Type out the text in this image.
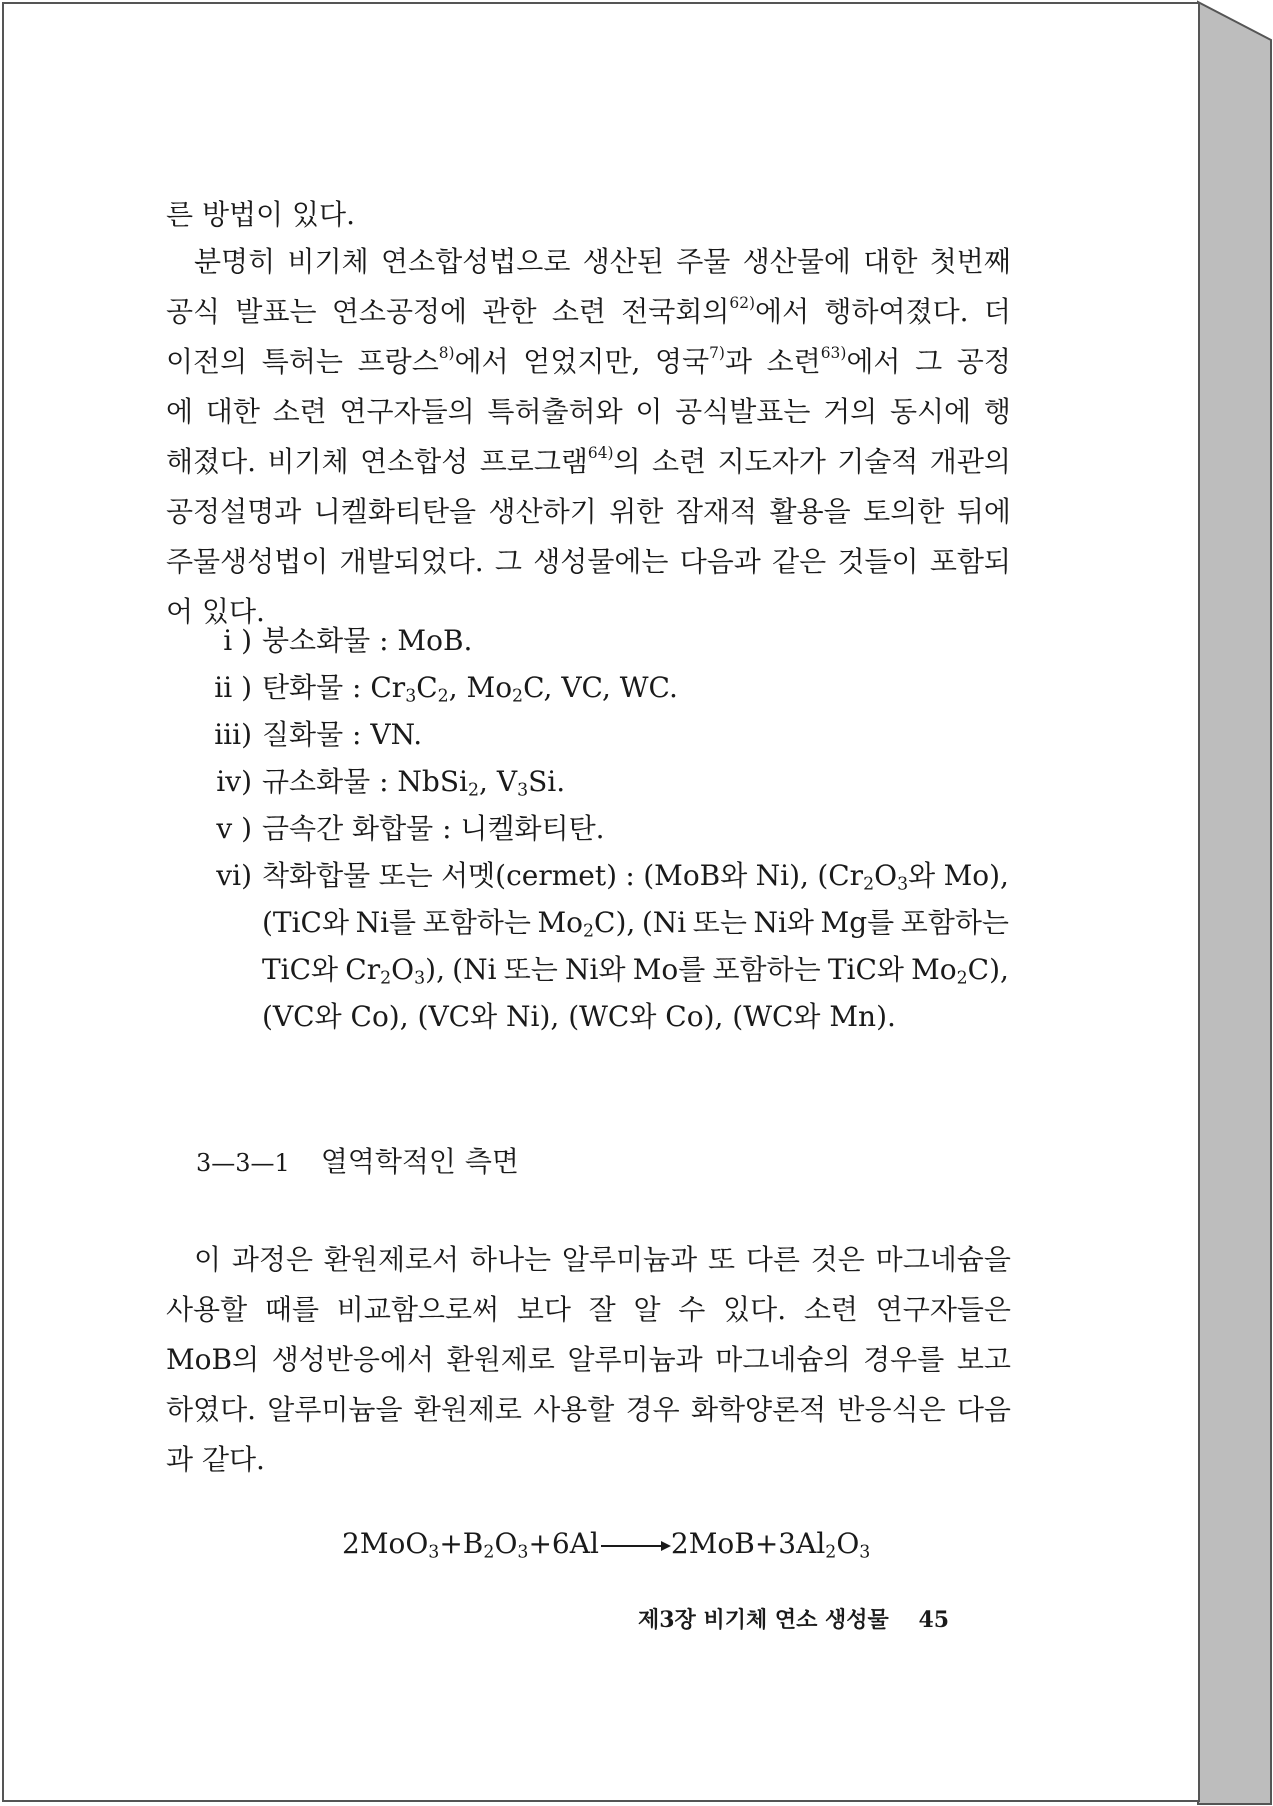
른 방법이 있다.
　분명히 비기체 연소합성법으로 생산된 주물 생산물에 대한 첫번째
공식 발표는 연소공정에 관한 소련 전국회의$^{62)}$에서 행하여졌다. 더
이전의 특허는 프랑스$^{8)}$에서 얻었지만, 영국$^{7)}$과 소련$^{63)}$에서 그 공정
에 대한 소련 연구자들의 특허출허와 이 공식발표는 거의 동시에 행
해졌다. 비기체 연소합성 프로그램$^{64)}$의 소련 지도자가 기술적 개관의
공정설명과 니켈화티탄을 생산하기 위한 잠재적 활용을 토의한 뒤에
주물생성법이 개발되었다. 그 생성물에는 다음과 같은 것들이 포함되
어 있다.
i ) 붕소화물 : MoB.
ii ) 탄화물 : $Cr_3C_2$, $Mo_2C$, VC, WC.
iii) 질화물 : VN.
iv) 규소화물 : NbSi$_2$, $V_3Si$.
v ) 금속간 화합물 : 니켈화티탄.
vi) 착화합물 또는 서멧(cermet) : (MoB와 Ni), ($Cr_2O_3$와 Mo),
(TiC와 Ni를 포함하는 $Mo_2C$), (Ni 또는 Ni와 Mg를 포함하는
TiC와 $Cr_2O_3$), (Ni 또는 Ni와 Mo를 포함하는 TiC와 $Mo_2C$),
(VC와 Co), (VC와 Ni), (WC와 Co), (WC와 Mn).
3—3—1 열역학적인 측면
　이 과정은 환원제로서 하나는 알루미늄과 또 다른 것은 마그네슘을
사용할 때를 비교함으로써 보다 잘 알 수 있다. 소련 연구자들은
MoB의 생성반응에서 환원제로 알루미늄과 마그네슘의 경우를 보고
하였다. 알루미늄을 환원제로 사용할 경우 화학양론적 반응식은 다음
과 같다.
$2MoO_3+B_2O_3+6Al$	$2MoB+3Al_2O_3$
제3장 비기체 연소 생성물 45
